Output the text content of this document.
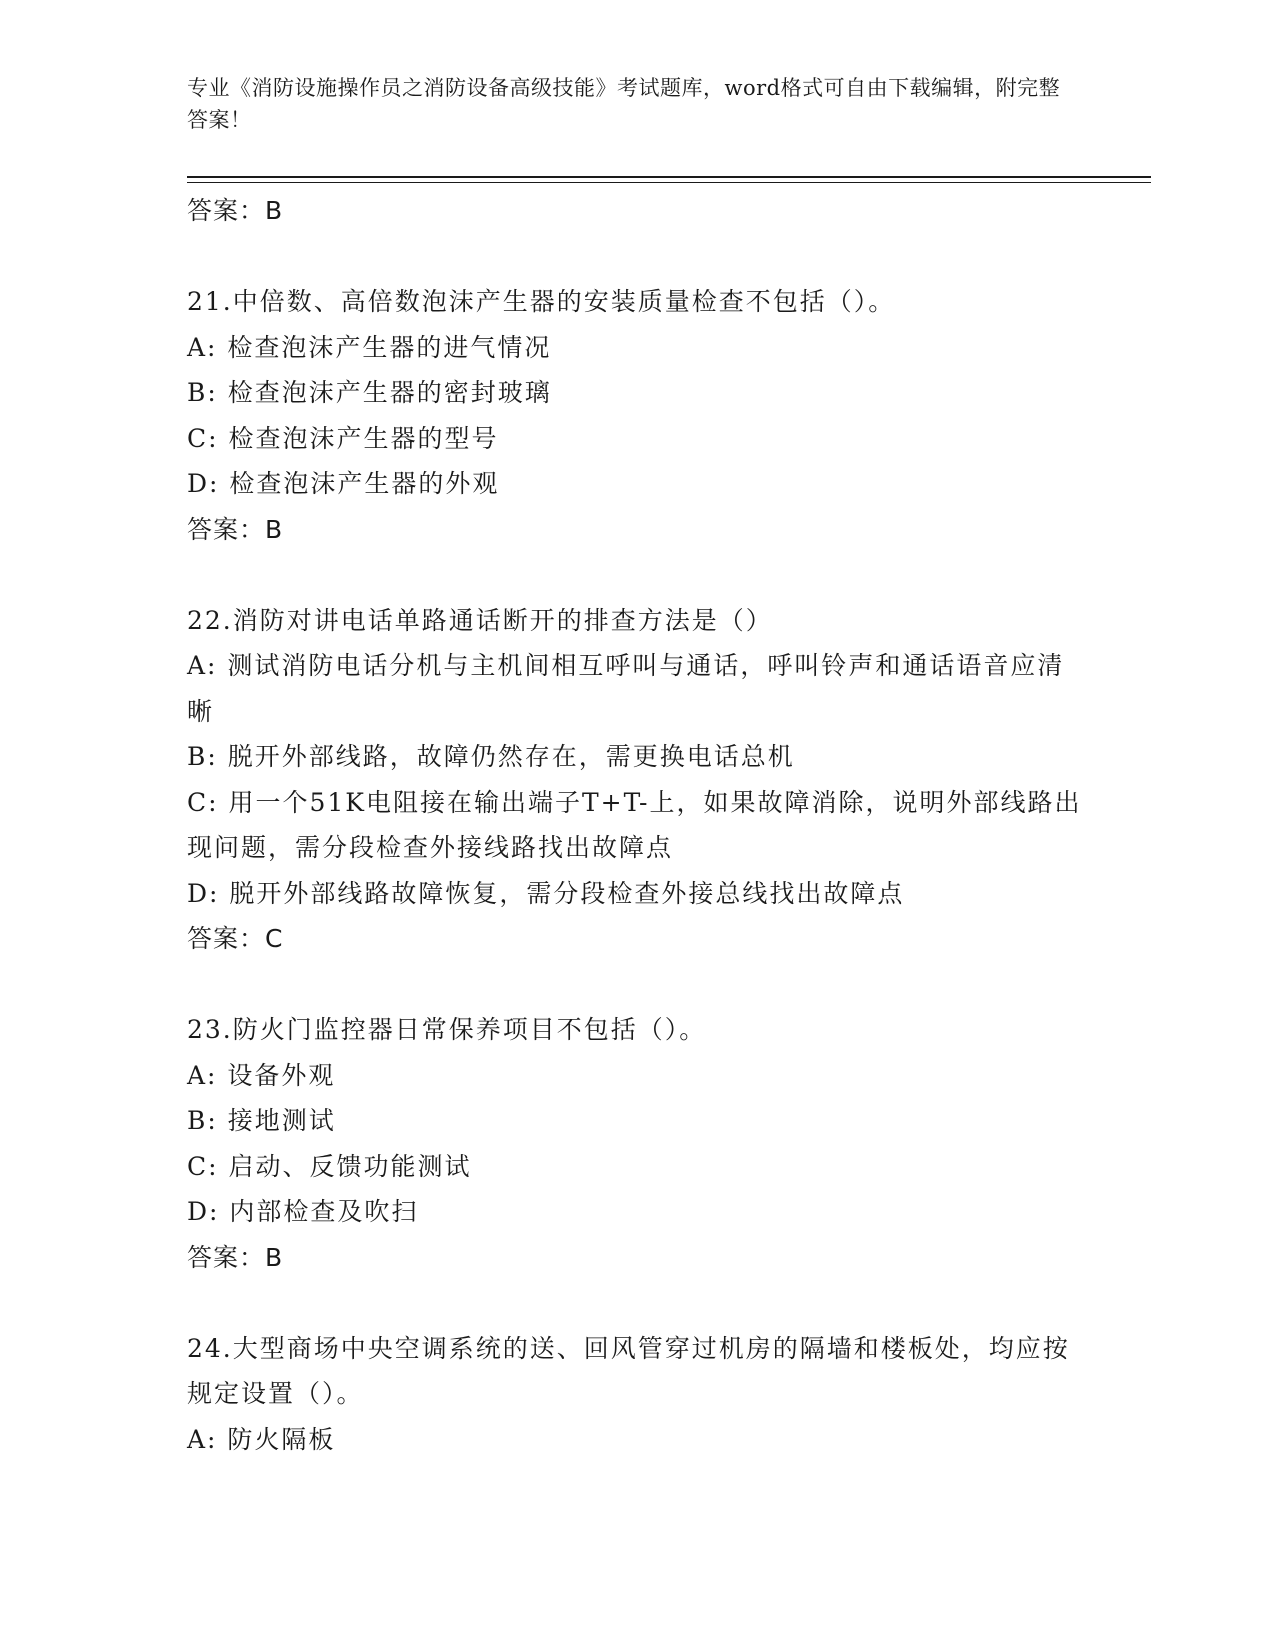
专业《消防设施操作员之消防设备高级技能》考试题库，word格式可自由下载编辑，附完整答案！
答案：B
21.中倍数、高倍数泡沫产生器的安装质量检查不包括（）。
A: 检查泡沫产生器的进气情况
B: 检查泡沫产生器的密封玻璃
C: 检查泡沫产生器的型号
D: 检查泡沫产生器的外观
答案：B
22.消防对讲电话单路通话断开的排查方法是（）
A: 测试消防电话分机与主机间相互呼叫与通话，呼叫铃声和通话语音应清晰
B: 脱开外部线路，故障仍然存在，需更换电话总机
C: 用一个51K电阻接在输出端子T+T-上，如果故障消除，说明外部线路出现问题，需分段检查外接线路找出故障点
D: 脱开外部线路故障恢复，需分段检查外接总线找出故障点
答案：C
23.防火门监控器日常保养项目不包括（）。
A: 设备外观
B: 接地测试
C: 启动、反馈功能测试
D: 内部检查及吹扫
答案：B
24.大型商场中央空调系统的送、回风管穿过机房的隔墙和楼板处，均应按规定设置（）。
A: 防火隔板
